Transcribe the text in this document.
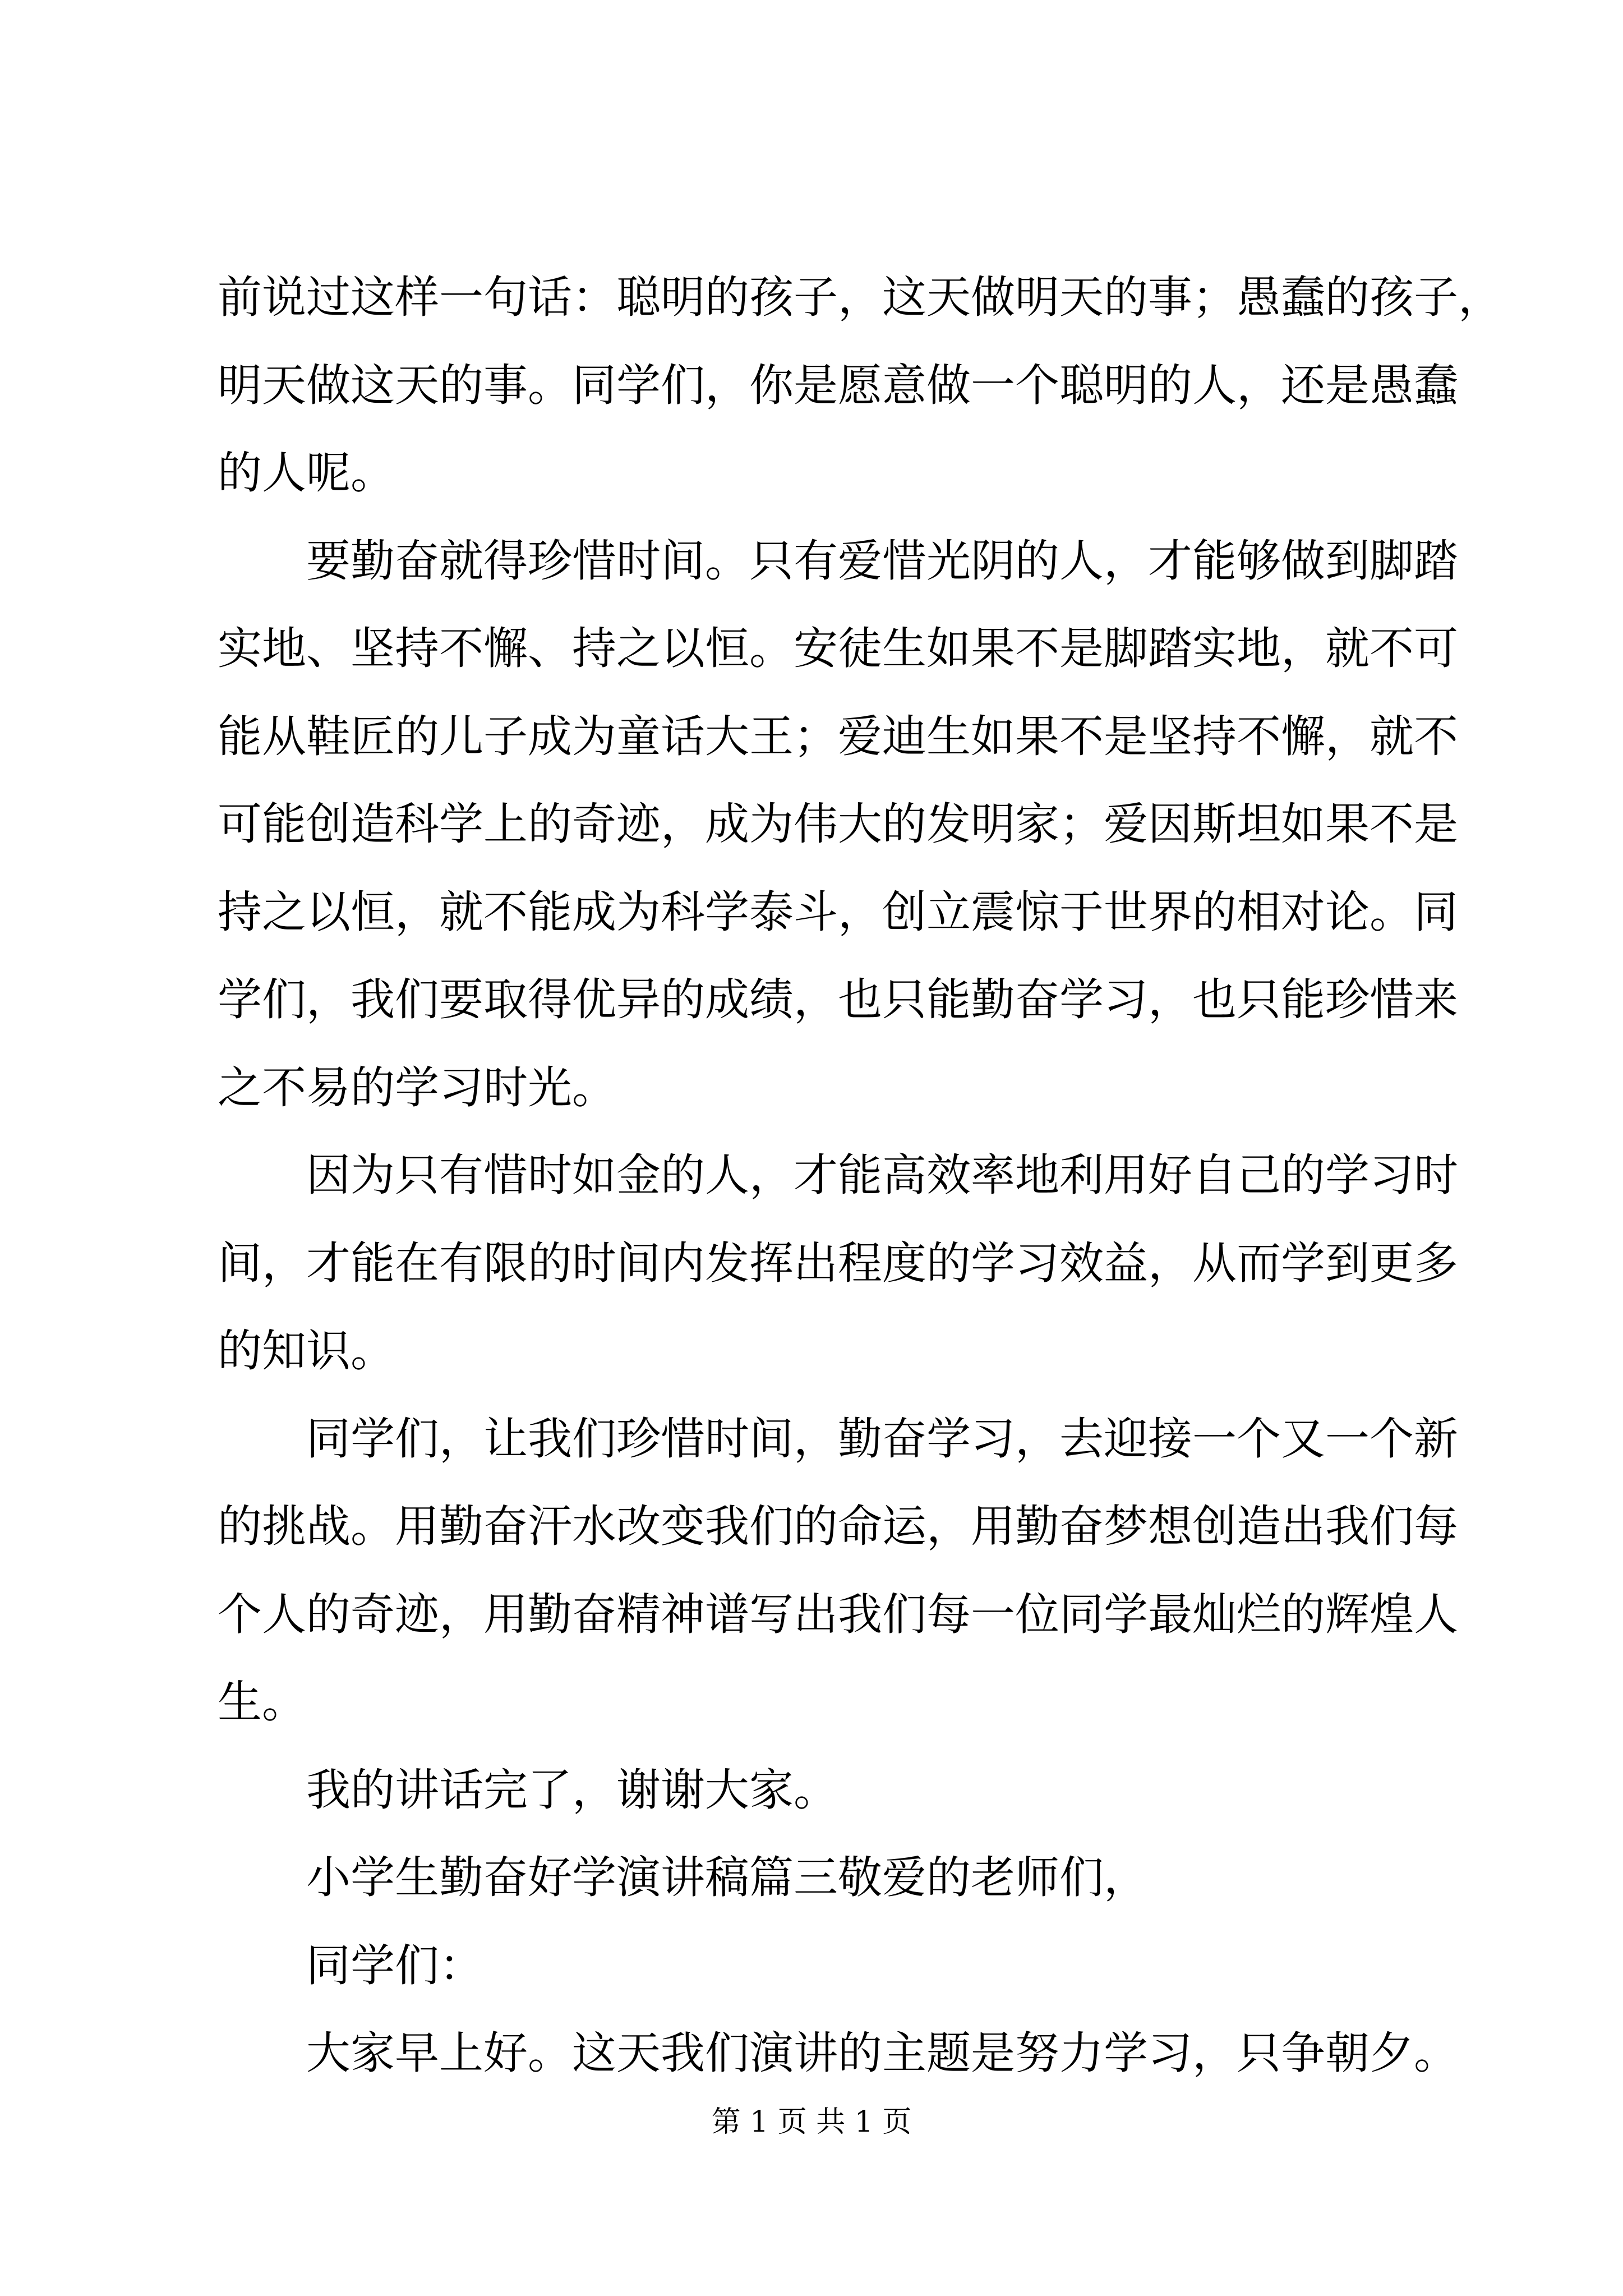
前说过这样一句话：聪明的孩子，这天做明天的事；愚蠢的孩子，
明天做这天的事。同学们，你是愿意做一个聪明的人，还是愚蠢
的人呢。

要勤奋就得珍惜时间。只有爱惜光阴的人，才能够做到脚踏
实地、坚持不懈、持之以恒。安徒生如果不是脚踏实地，就不可
能从鞋匠的儿子成为童话大王；爱迪生如果不是坚持不懈，就不
可能创造科学上的奇迹，成为伟大的发明家；爱因斯坦如果不是
持之以恒，就不能成为科学泰斗，创立震惊于世界的相对论。同
学们，我们要取得优异的成绩，也只能勤奋学习，也只能珍惜来
之不易的学习时光。

因为只有惜时如金的人，才能高效率地利用好自己的学习时
间，才能在有限的时间内发挥出程度的学习效益，从而学到更多
的知识。

同学们，让我们珍惜时间，勤奋学习，去迎接一个又一个新
的挑战。用勤奋汗水改变我们的命运，用勤奋梦想创造出我们每
个人的奇迹，用勤奋精神谱写出我们每一位同学最灿烂的辉煌人
生。

我的讲话完了，谢谢大家。

小学生勤奋好学演讲稿篇三敬爱的老师们，

同学们：

大家早上好。这天我们演讲的主题是努力学习，只争朝夕。

第 1 页 共 1 页
